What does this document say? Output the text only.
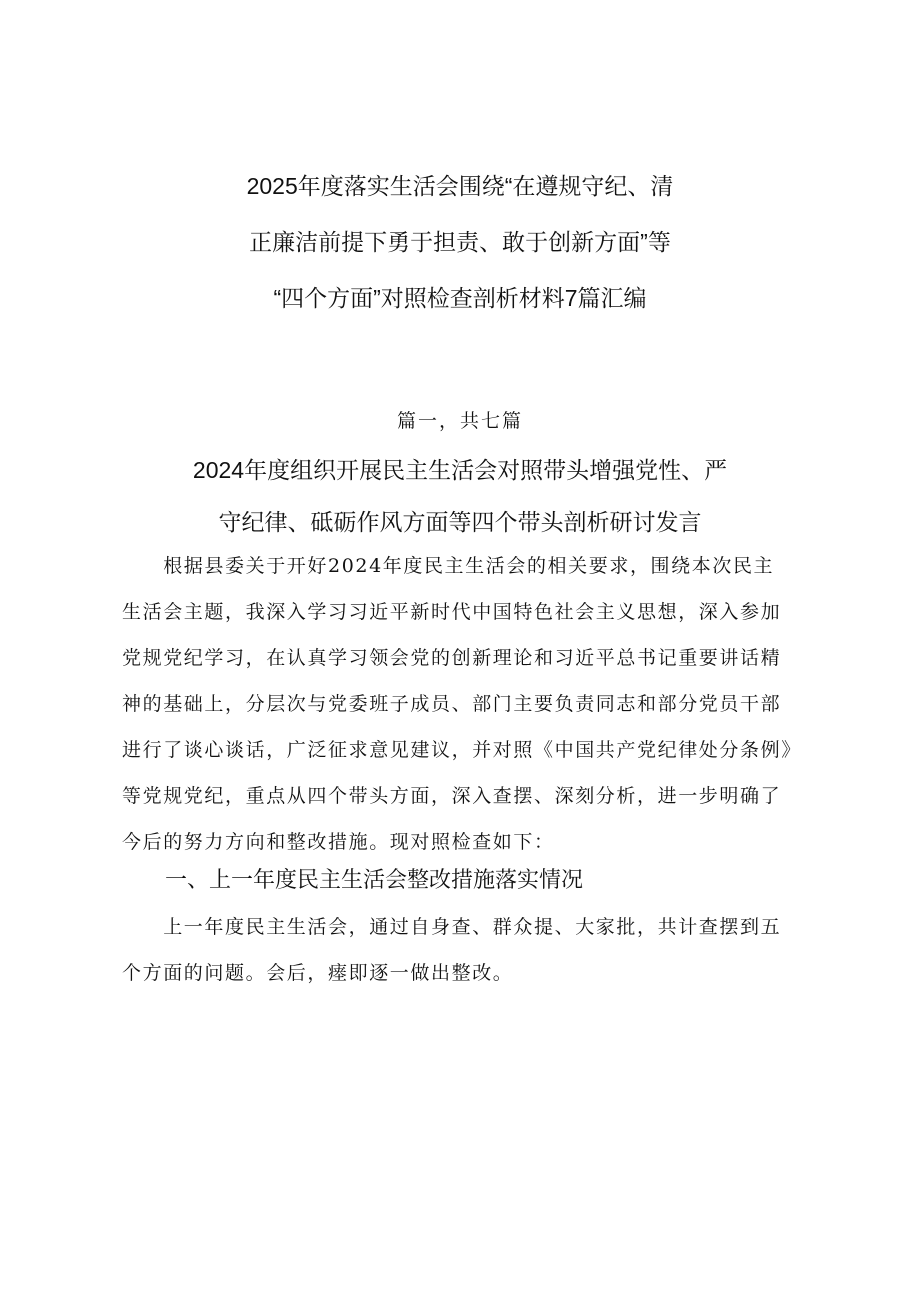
2025年度落实生活会围绕“在遵规守纪、清
正廉洁前提下勇于担责、敢于创新方面”等
“四个方面”对照检查剖析材料7篇汇编
篇一，共七篇
2024年度组织开展民主生活会对照带头增强党性、严
守纪律、砥砺作风方面等四个带头剖析研讨发言

　　根据县委关于开好2024年度民主生活会的相关要求，围绕本次民主
生活会主题，我深入学习习近平新时代中国特色社会主义思想，深入参加
党规党纪学习，在认真学习领会党的创新理论和习近平总书记重要讲话精
神的基础上，分层次与党委班子成员、部门主要负责同志和部分党员干部
进行了谈心谈话，广泛征求意见建议，并对照《中国共产党纪律处分条例》
等党规党纪，重点从四个带头方面，深入查摆、深刻分析，进一步明确了
今后的努力方向和整改措施。现对照检查如下：

一、上一年度民主生活会整改措施落实情况

　　上一年度民主生活会，通过自身查、群众提、大家批，共计查摆到五
个方面的问题。会后，瘗即逐一做出整改。
